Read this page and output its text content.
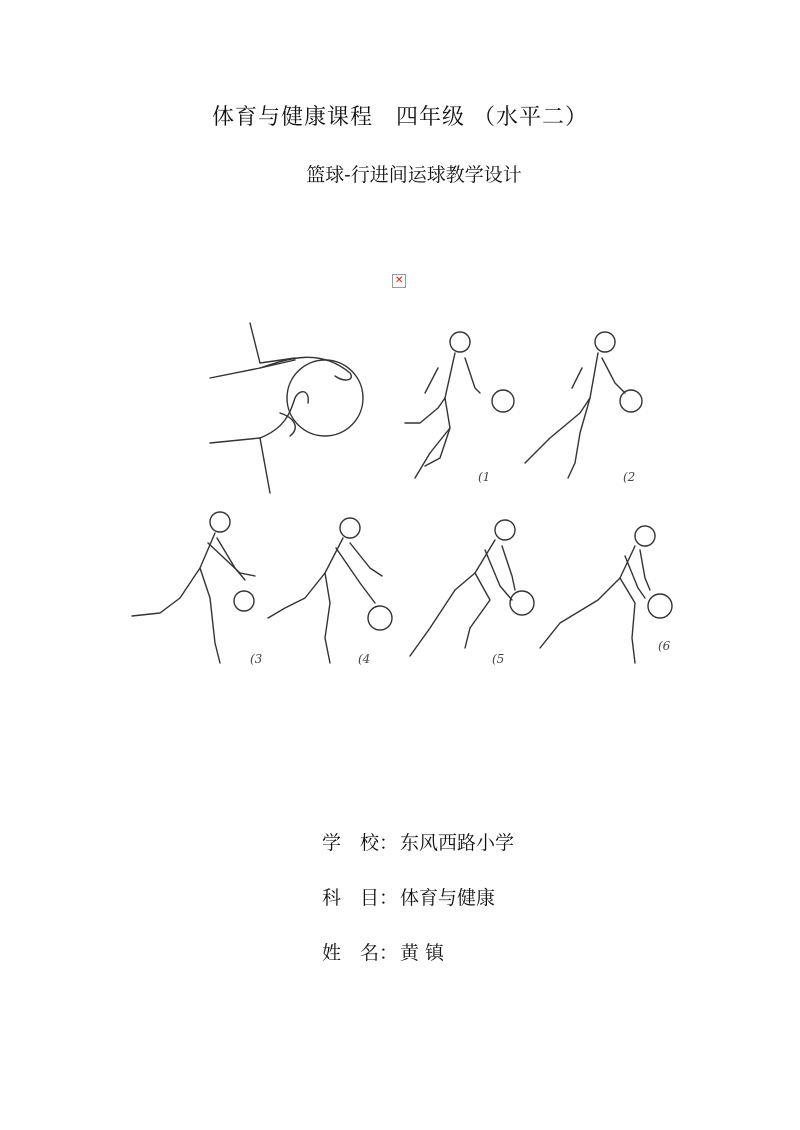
体育与健康课程　四年级 （水平二）
篮球-行进间运球教学设计
✕
(1	(2
(3	(4	(5
(6
学　校： 东风西路小学
科　目： 体育与健康
姓　名： 黄 镇
